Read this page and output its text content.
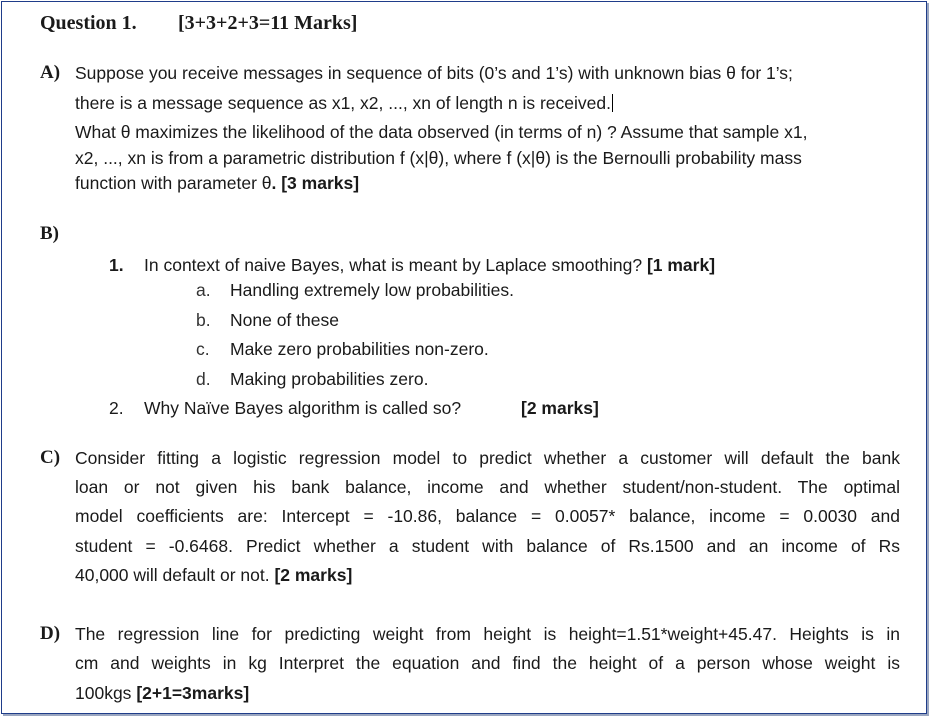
Question 1. [3+3+2+3=11 Marks]
A) Suppose you receive messages in sequence of bits (0’s and 1’s) with unknown bias θ for 1’s;
there is a message sequence as x1, x2, ..., xn of length n is received.
What θ maximizes the likelihood of the data observed (in terms of n) ? Assume that sample x1,
x2, ..., xn is from a parametric distribution f (x|θ), where f (x|θ) is the Bernoulli probability mass
function with parameter θ. [3 marks]
B)
1. In context of naive Bayes, what is meant by Laplace smoothing? [1 mark]
a. Handling extremely low probabilities.
b. None of these
c. Make zero probabilities non-zero.
d. Making probabilities zero.
2. Why Naïve Bayes algorithm is called so?	[2 marks]
C) Consider fitting a logistic regression model to predict whether a customer will default the bank
loan or not given his bank balance, income and whether student/non-student. The optimal
model coefficients are: Intercept = -10.86, balance = 0.0057* balance, income = 0.0030 and
student = -0.6468. Predict whether a student with balance of Rs.1500 and an income of Rs
40,000 will default or not. [2 marks]
D) The regression line for predicting weight from height is height=1.51*weight+45.47. Heights is in
cm and weights in kg Interpret the equation and find the height of a person whose weight is
100kgs [2+1=3marks]
